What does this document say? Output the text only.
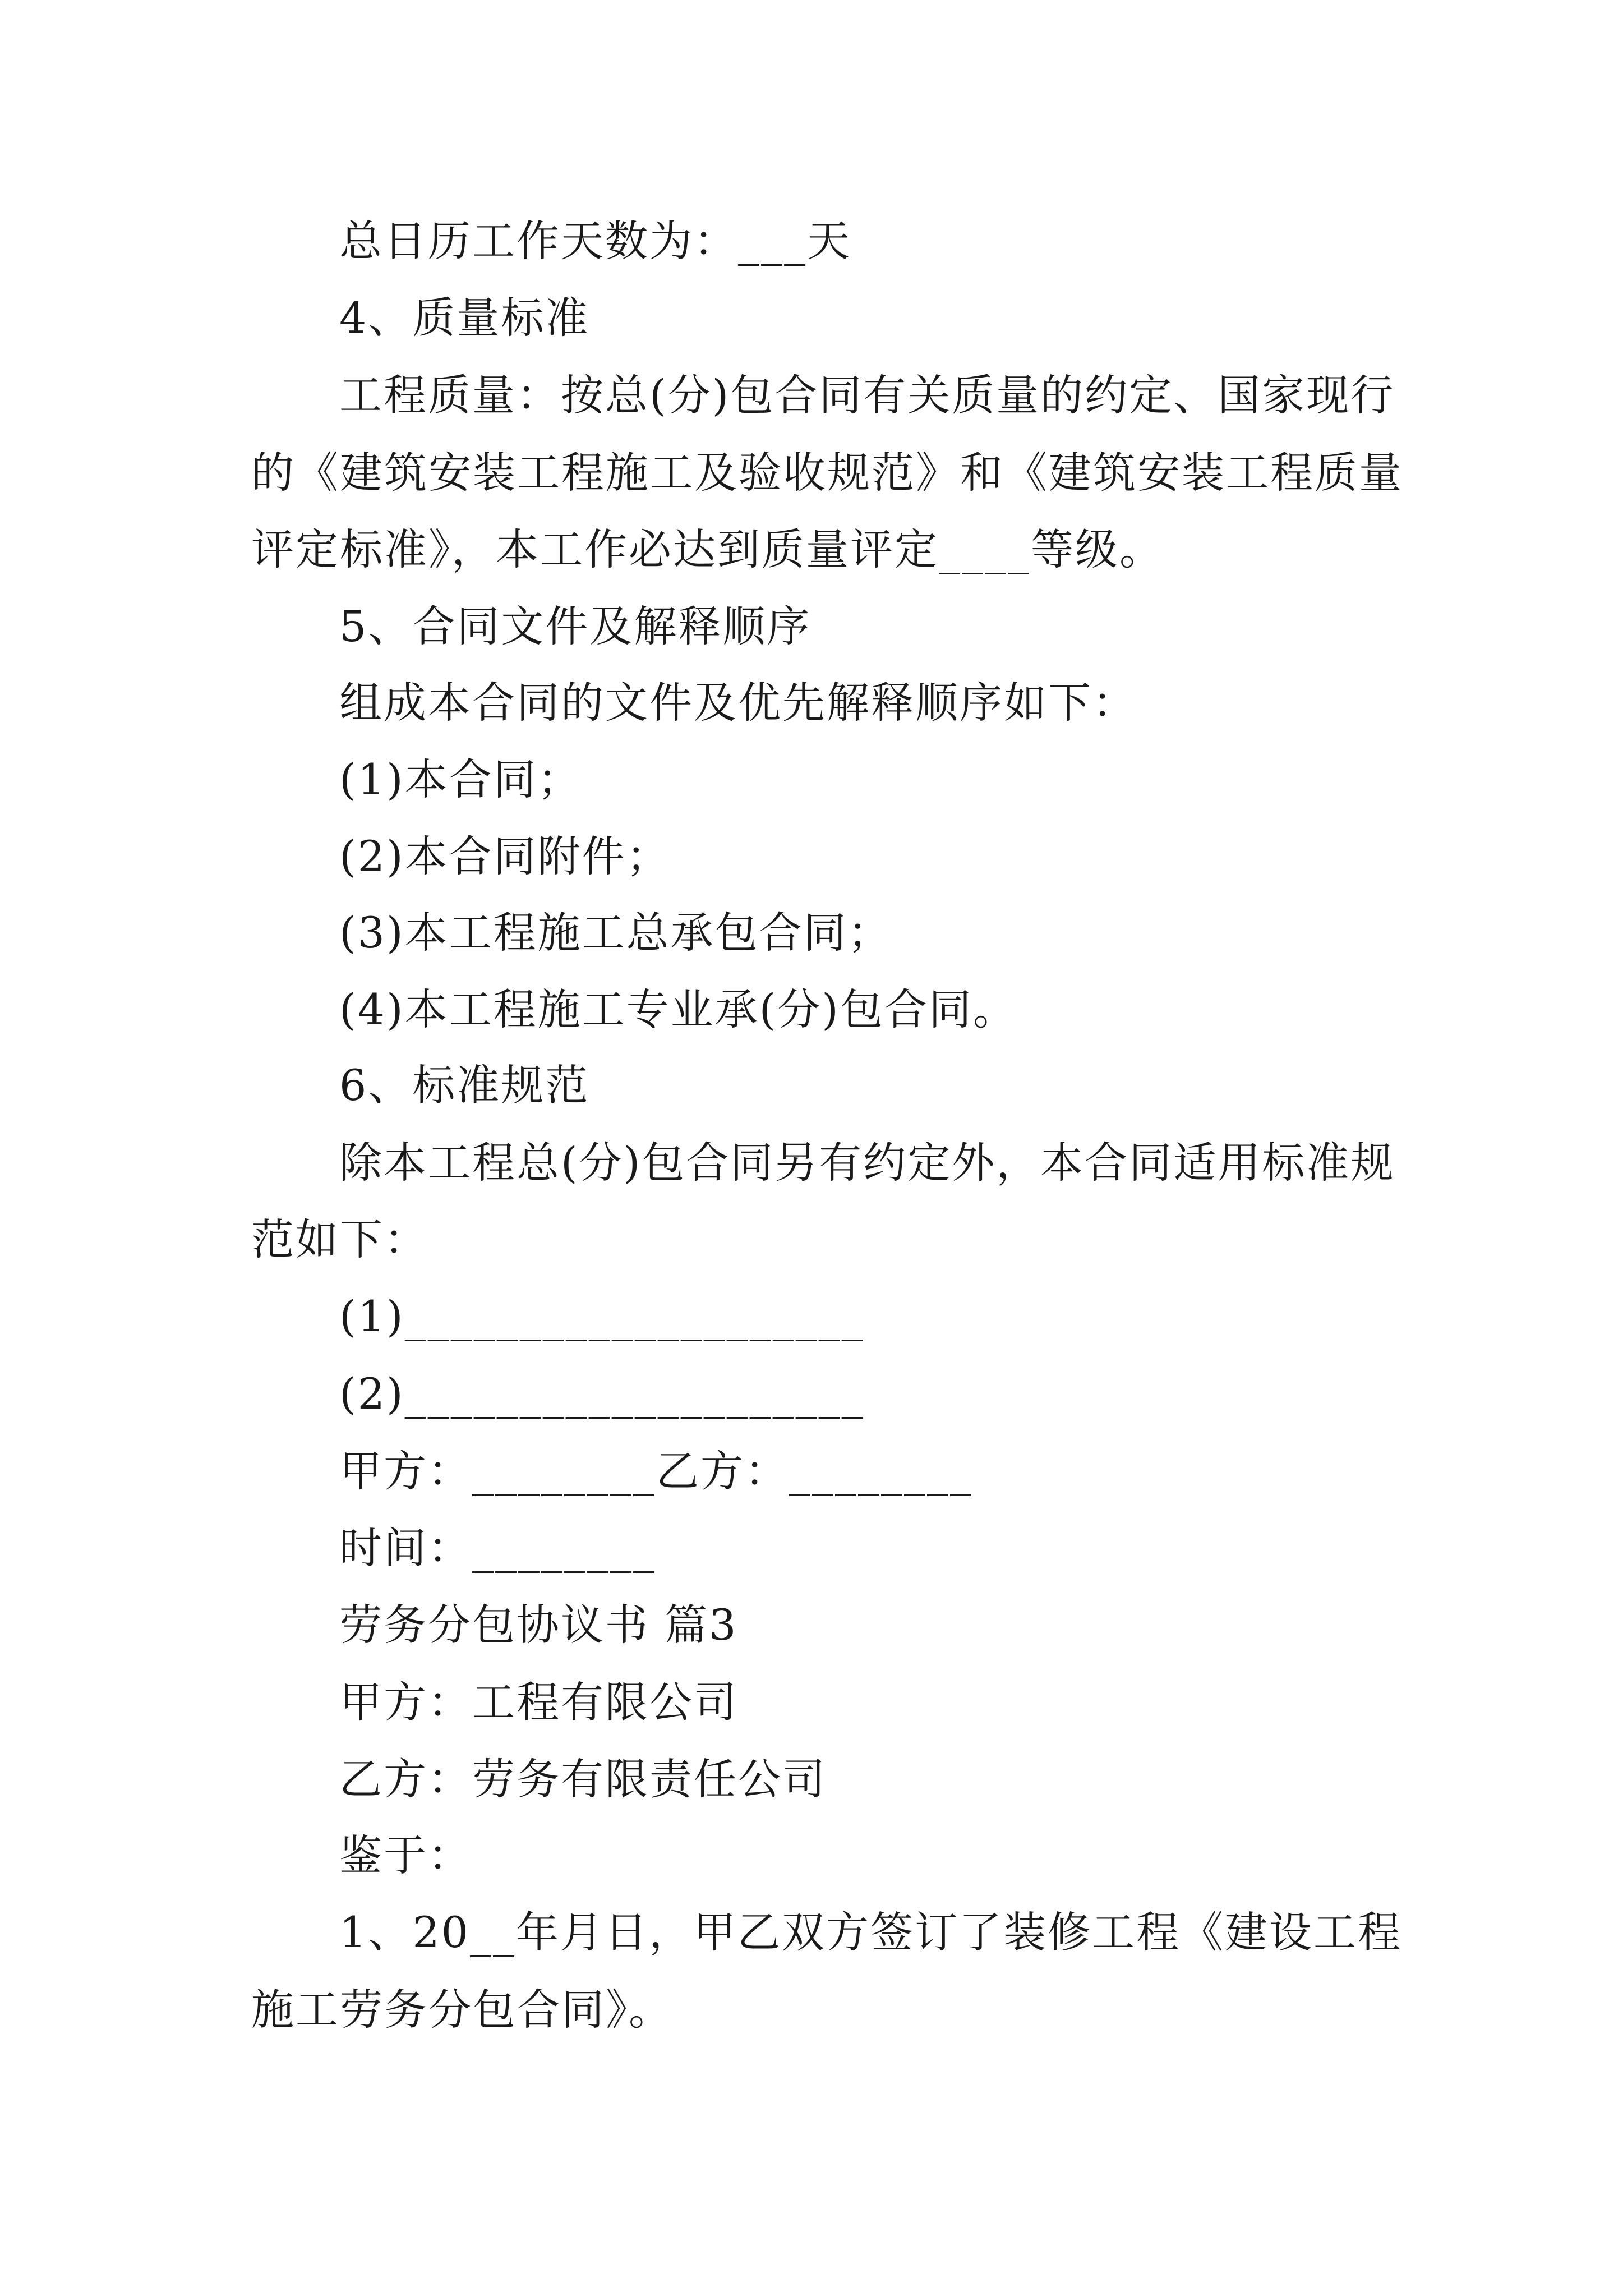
总日历工作天数为：___天
4、质量标准
工程质量：按总(分)包合同有关质量的约定、国家现行
的《建筑安装工程施工及验收规范》和《建筑安装工程质量
评定标准》，本工作必达到质量评定____等级。
5、合同文件及解释顺序
组成本合同的文件及优先解释顺序如下：
(1)本合同；
(2)本合同附件；
(3)本工程施工总承包合同；
(4)本工程施工专业承(分)包合同。
6、标准规范
除本工程总(分)包合同另有约定外，本合同适用标准规
范如下：
(1)____________________
(2)____________________
甲方：________乙方：________
时间：________
劳务分包协议书 篇3
甲方：工程有限公司
乙方：劳务有限责任公司
鉴于：
1、20__年月日，甲乙双方签订了装修工程《建设工程
施工劳务分包合同》。
